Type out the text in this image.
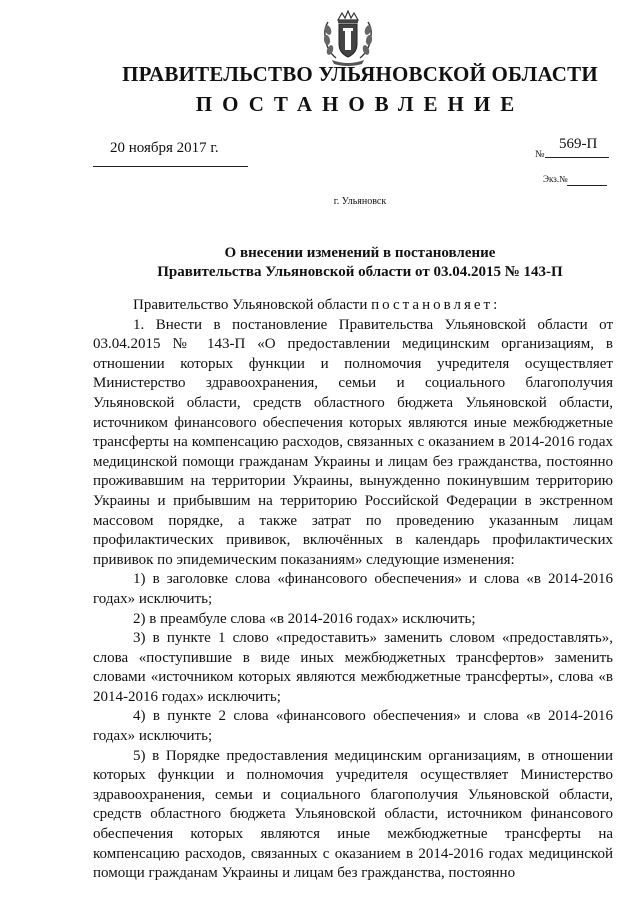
ПРАВИТЕЛЬСТВО УЛЬЯНОВСКОЙ ОБЛАСТИ
ПОСТАНОВЛЕНИЕ
20 ноября 2017 г.	№
569-П
Экз.№
г. Ульяновск
О внесении изменений в постановление
Правительства Ульяновской области от 03.04.2015 № 143-П

Правительство Ульяновской области постановляет:

1. Внести в постановление Правительства Ульяновской области от 03.04.2015 № 143-П «О предоставлении медицинским организациям, в отношении которых функции и полномочия учредителя осуществляет Министерство здравоохранения, семьи и социального благополучия Ульяновской области, средств областного бюджета Ульяновской области, источником финансового обеспечения которых являются иные межбюджетные трансферты на компенсацию расходов, связанных с оказанием в 2014-2016 годах медицинской помощи гражданам Украины и лицам без гражданства, постоянно проживавшим на территории Украины, вынужденно покинувшим территорию Украины и прибывшим на территорию Российской Федерации в экстренном массовом порядке, а также затрат по проведению указанным лицам профилактических прививок, включённых в календарь профилактических прививок по эпидемическим показаниям» следующие изменения:

1) в заголовке слова «финансового обеспечения» и слова «в 2014-2016 годах» исключить;

2) в преамбуле слова «в 2014-2016 годах» исключить;

3) в пункте 1 слово «предоставить» заменить словом «предоставлять», слова «поступившие в виде иных межбюджетных трансфертов» заменить словами «источником которых являются межбюджетные трансферты», слова «в 2014-2016 годах» исключить;

4) в пункте 2 слова «финансового обеспечения» и слова «в 2014-2016 годах» исключить;

5) в Порядке предоставления медицинским организациям, в отношении которых функции и полномочия учредителя осуществляет Министерство здравоохранения, семьи и социального благополучия Ульяновской области, средств областного бюджета Ульяновской области, источником финансового обеспечения которых являются иные межбюджетные трансферты на компенсацию расходов, связанных с оказанием в 2014-2016 годах медицинской помощи гражданам Украины и лицам без гражданства, постоянно
